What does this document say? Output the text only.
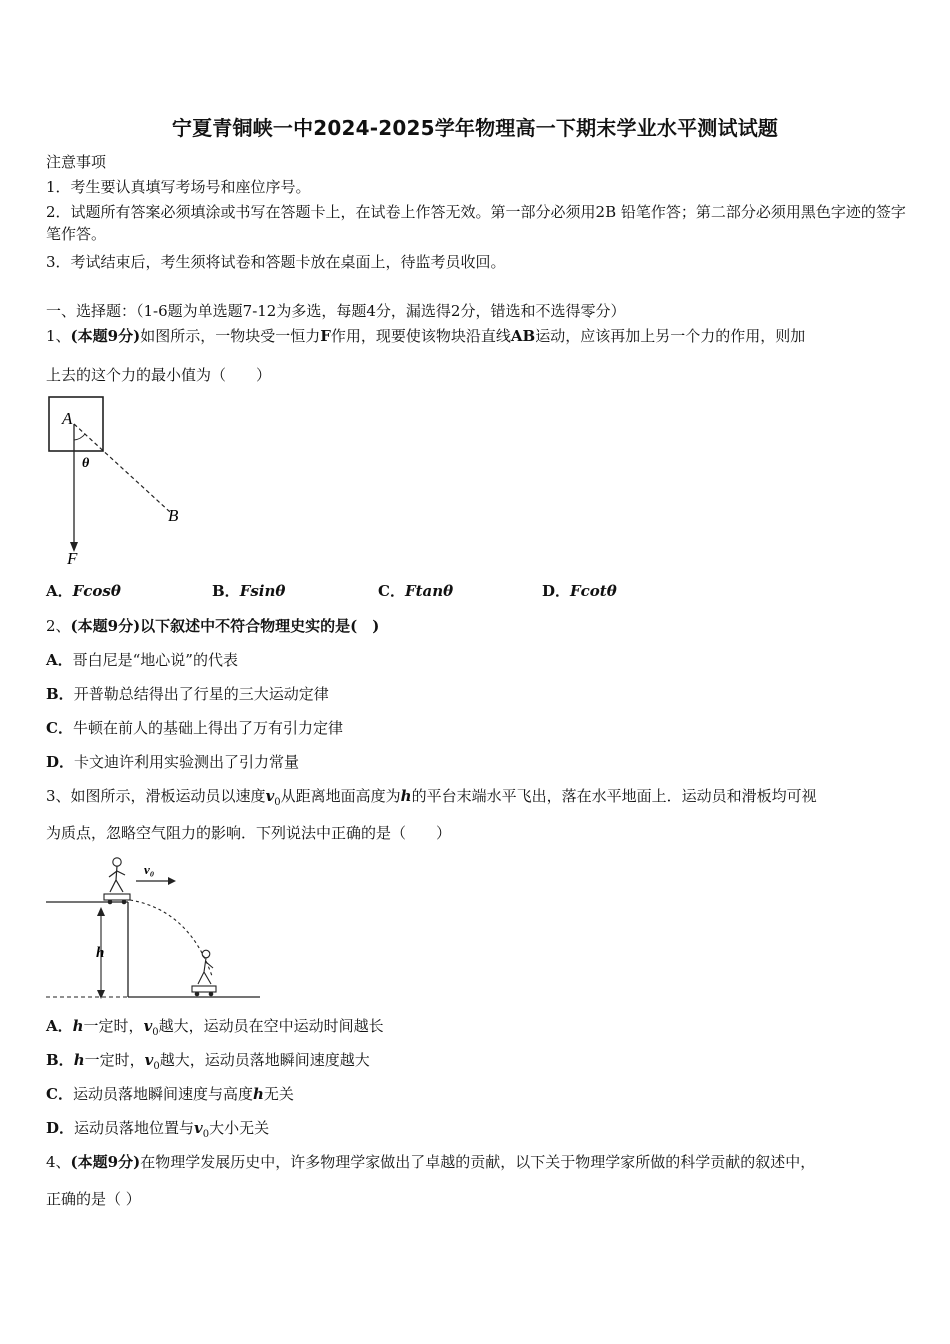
宁夏青铜峡一中2024-2025学年物理高一下期末学业水平测试试题
注意事项
1．考生要认真填写考场号和座位序号。
2．试题所有答案必须填涂或书写在答题卡上，在试卷上作答无效。第一部分必须用2B 铅笔作答；第二部分必须用黑色字迹的签字笔作答。
3．考试结束后，考生须将试卷和答题卡放在桌面上，待监考员收回。
一、选择题：（1-6题为单选题7-12为多选，每题4分，漏选得2分，错选和不选得零分）
1、(本题9分)如图所示，一物块受一恒力F作用，现要使该物块沿直线AB运动，应该再加上另一个力的作用，则加
上去的这个力的最小值为（　　）
A
θ
B
F
A．Fcosθ	B．Fsinθ	C．Ftanθ	D．Fcotθ
2、(本题9分)以下叙述中不符合物理史实的是(　)
A．哥白尼是“地心说”的代表
B．开普勒总结得出了行星的三大运动定律
C．牛顿在前人的基础上得出了万有引力定律
D．卡文迪许利用实验测出了引力常量
3、如图所示，滑板运动员以速度$v_0$从距离地面高度为h的平台末端水平飞出，落在水平地面上．运动员和滑板均可视
为质点，忽略空气阻力的影响．下列说法中正确的是（　　）
h
v₀
A．h一定时，$v_0$越大，运动员在空中运动时间越长
B．h一定时，$v_0$越大，运动员落地瞬间速度越大
C．运动员落地瞬间速度与高度h无关
D．运动员落地位置与$v_0$大小无关
4、(本题9分)在物理学发展历史中，许多物理学家做出了卓越的贡献，以下关于物理学家所做的科学贡献的叙述中，
正确的是（ ）
